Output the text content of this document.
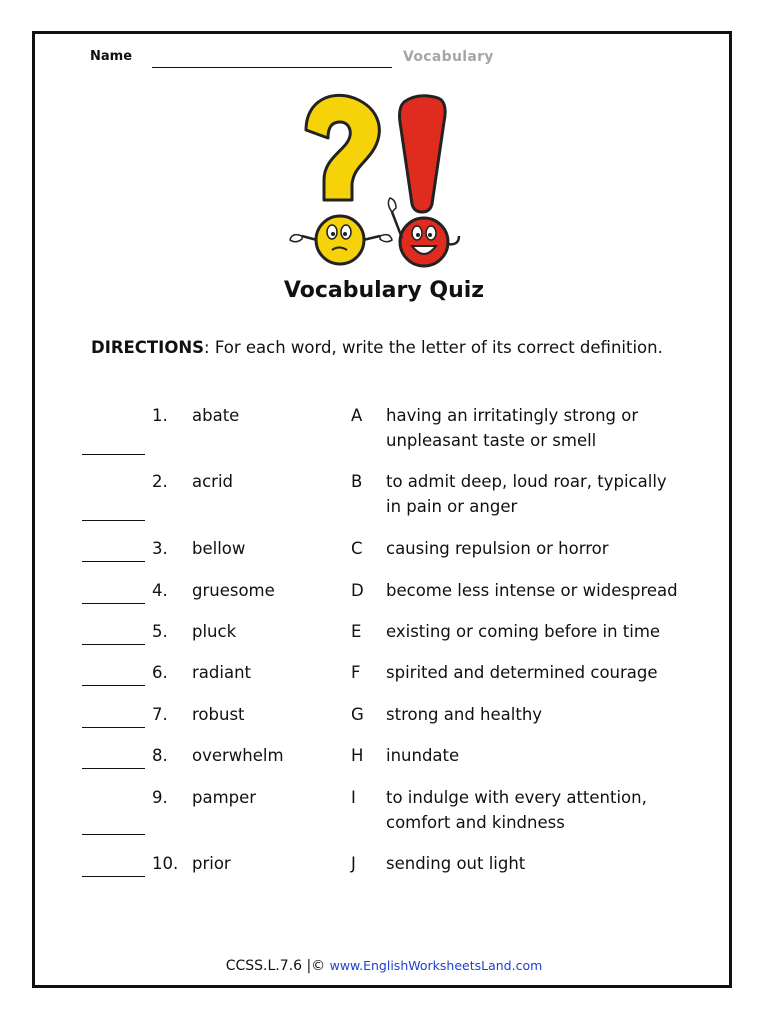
Name	Vocabulary
Vocabulary Quiz
DIRECTIONS: For each word, write the letter of its correct definition.
1. abate	A having an irritatingly strong or unpleasant taste or smell
2. acrid	B to admit deep, loud roar, typically in pain or anger
3. bellow	C causing repulsion or horror
4. gruesome	D become less intense or widespread
5. pluck	E existing or coming before in time
6. radiant	F spirited and determined courage
7. robust	G strong and healthy
8. overwhelm	H inundate
9. pamper	I to indulge with every attention, comfort and kindness
10. prior	J sending out light
CCSS.L.7.6 |© www.EnglishWorksheetsLand.com
